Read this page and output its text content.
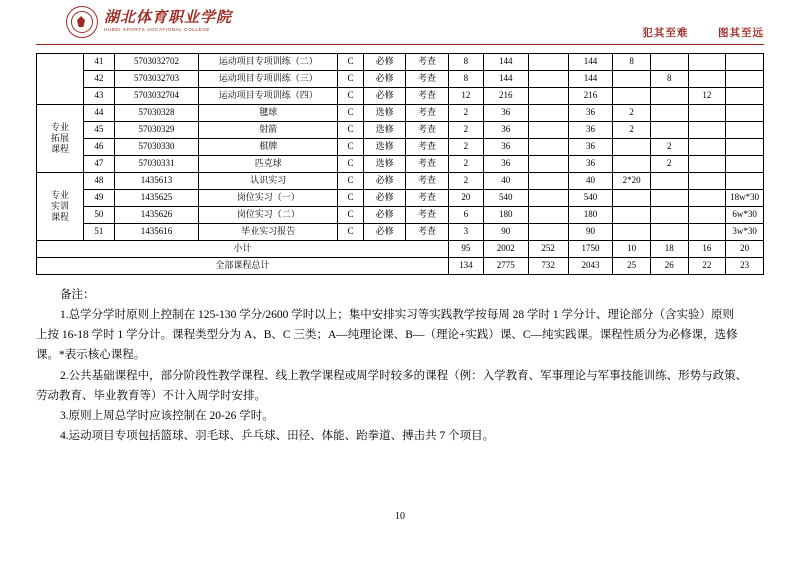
湖北体育职业学院
HUBEI SPORTS VOCATIONAL COLLEGE	犯其至难	图其至远
	41	5703032702	运动项目专项训练（二）	C	必修	考查	8	144		144	8			
	42	5703032703	运动项目专项训练（三）	C	必修	考查	8	144		144		8		
	43	5703032704	运动项目专项训练（四）	C	必修	考查	12	216		216			12	

专业
拓展
课程	44	57030328	毽球	C	选修	考查	2	36		36	2			
	45	57030329	射箭	C	选修	考查	2	36		36	2			
	46	57030330	棋牌	C	选修	考查	2	36		36		2		
	47	57030331	匹克球	C	选修	考查	2	36		36		2		

专业
实训
课程	48	1435613	认识实习	C	必修	考查	2	40		40	2*20			
	49	1435625	岗位实习（一）	C	必修	考查	20	540		540				18w*30
	50	1435626	岗位实习（二）	C	必修	考查	6	180		180				6w*30
	51	1435616	毕业实习报告	C	必修	考查	3	90		90				3w*30
小计							95	2002	252	1750	10	18	16	20
全部课程总计							134	2775	732	2043	25	26	22	23

备注：

1.总学分学时原则上控制在 125-130 学分/2600 学时以上；集中安排实习等实践教学按每周 28 学时 1 学分计、理论部分（含实验）原则

上按 16-18 学时 1 学分计。课程类型分为 A、B、C 三类；A—纯理论课、B—（理论+实践）课、C—纯实践课。课程性质分为必修课，选修

课。*表示核心课程。

2.公共基础课程中，部分阶段性教学课程、线上教学课程或周学时较多的课程（例：入学教育、军事理论与军事技能训练、形势与政策、

劳动教育、毕业教育等）不计入周学时安排。

3.原则上周总学时应该控制在 20-26 学时。

4.运动项目专项包括篮球、羽毛球、乒乓球、田径、体能、跆拳道、搏击共 7 个项目。

10
